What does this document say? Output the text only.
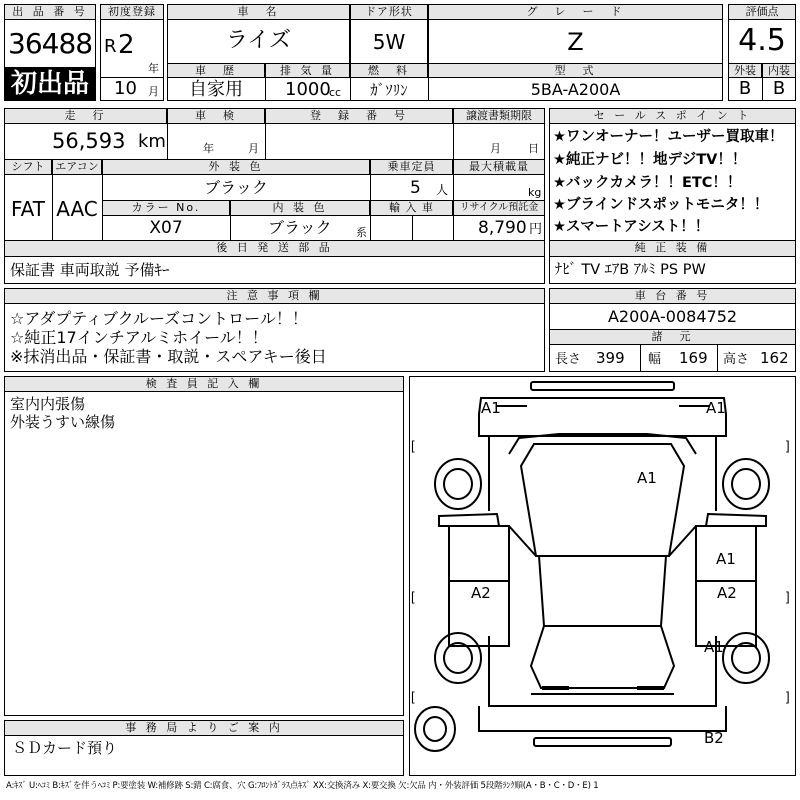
出 品 番 号
36488
初出品
初度登録
R 2
年
10 月
車　名
ライズ
ドア形状
5W
グ　レ　ー　ド
Z
車　歴
自家用
排 気 量
1000
cc
燃　料
ｶﾞｿﾘﾝ
型　式
5BA-A200A
評価点
4.5
外装	内装
B	B
走　行
56,593 km
車　検
年	月
登　録　番　号	譲渡書類期限
月 日
シフト
FAT
エアコン
AAC
外 装 色
ブラック
乗車定員
5 人
最大積載量
kg
カラー No.
X07
内 装 色
ブラック 系
輸 入 車	リサイクル預託金
8,790 円
後 日 発 送 部 品
保証書 車両取説 予備ｷｰ
セ ー ル ス ポ イ ン ト
★ワンオーナー！ユーザー買取車！
★純正ナビ！！地デジTV！！
★バックカメラ！！ETC！！
★ブラインドスポットモニタ！！
★スマートアシスト！！
純 正 装 備
ﾅﾋﾞ TV ｴｱB ｱﾙﾐ PS PW
注 意 事 項 欄
☆アダプティブクルーズコントロール！！
☆純正17インチアルミホイール！！
※抹消出品・保証書・取説・スペアキー後日
車 台 番 号
A200A-0084752
諸　元
長さ 399 幅 169 高さ 162
検 査 員 記 入 欄
室内内張傷
外装うすい線傷
事 務 局 よ り ご 案 内
ＳＤカード預り
[	]
[	]
[	]
A1	A1
A1
A1
A2	A2
A1
B2
A:ｷｽﾞ U:ﾍｺﾐ B:ｷｽﾞを伴うﾍｺﾐ P:要塗装 W:補修跡 S:錆 C:腐食、穴 G:ﾌﾛﾝﾄｶﾞﾗｽ点ｷｽﾞ XX:交換済み X:要交換 欠:欠品 内・外装評価 5段階ﾗﾝｸ順(A・B・C・D・E) 1
